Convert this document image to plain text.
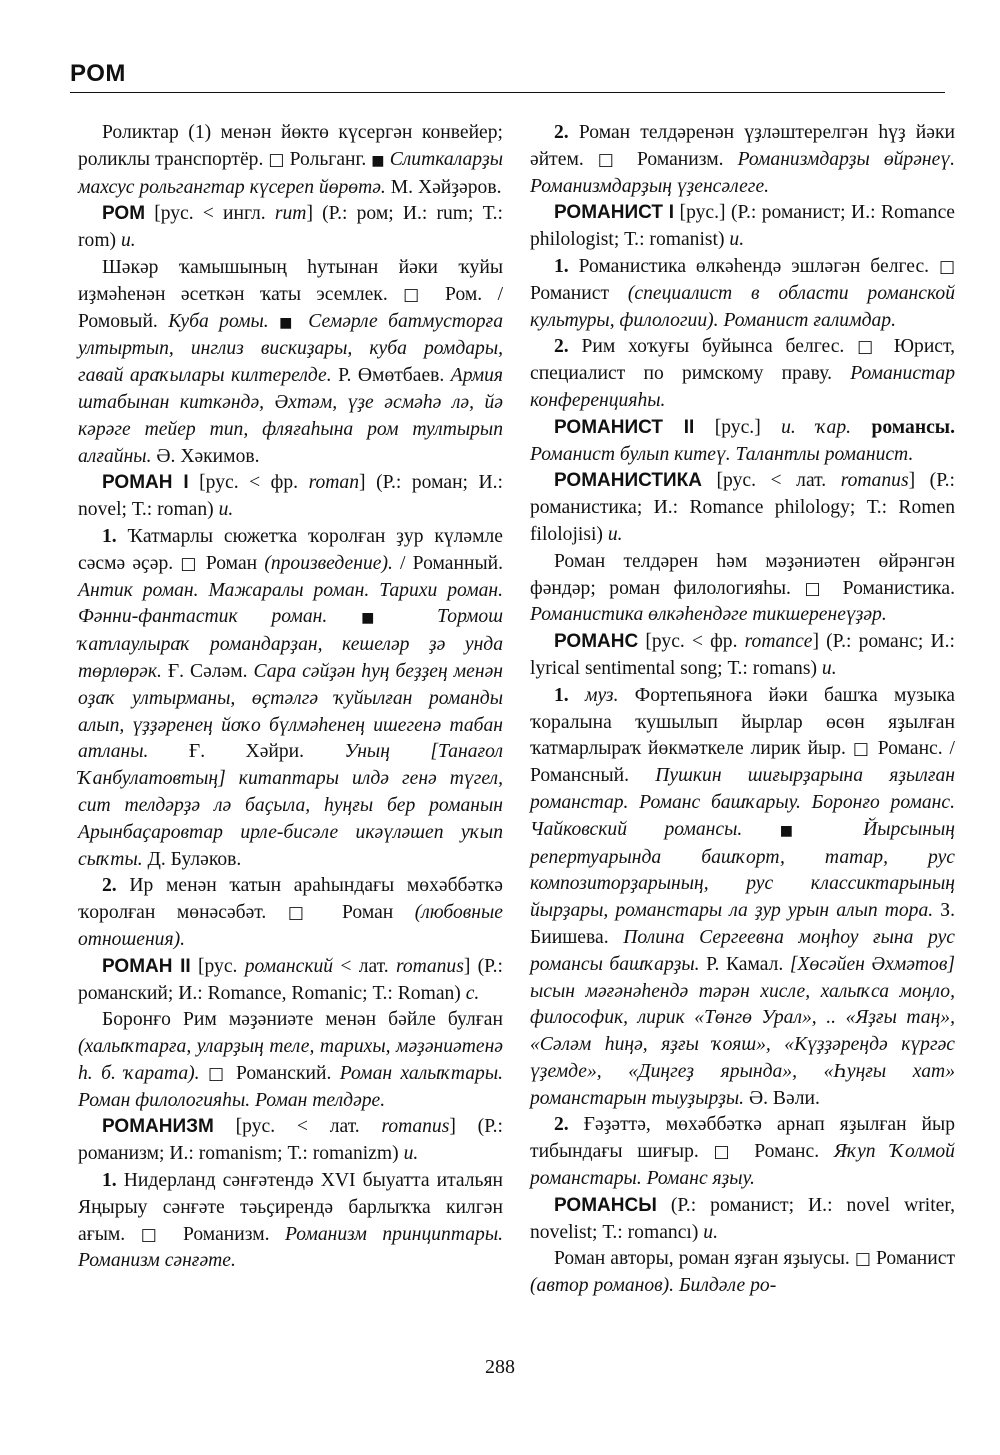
РОМ

Роликтар (1) менән йөктө күсергән конвейер; роликлы транспортёр. □ Рольганг. ■ Слиткаларҙы махсус рольгангтар күсереп йөрөтә. М. Хәйҙәров.

РОМ [рус. < ингл. rum] (Р.: ром; И.: rum; Т.: rom) и.

Шәкәр ҡамышының һутынан йәки ҡуйы иҙмәһенән әсеткән ҡаты эсемлек. □ Ром. / Ромовый. Куба ромы. ■ Семәрле батмусторға ултыртып, инглиз вискиҙары, куба ромдары, гавай араҡылары килтерелде. Р. Өмөтбаев. Армия штабынан киткәндә, Әхтәм, үҙе әсмәһә лә, йә кәрәге тейер тип, фляғаһына ром тултырып алғайны. Ә. Хәкимов.

РОМАН I [рус. < фр. roman] (Р.: роман; И.: novel; Т.: roman) и.

1. Ҡатмарлы сюжетҡа ҡоролған ҙур күләмле сәсмә әҫәр. □ Роман (произведение). / Романный. Антик роман. Мажаралы роман. Тарихи роман. Фәнни-фантастик роман. ■ Тормош ҡатлаулыраҡ романдарҙан, кешеләр ҙә унда төрлөрәк. Ғ. Сәләм. Сара сәйҙән һуң беҙҙең менән оҙаҡ ултырманы, өҫтәлгә ҡуйылған романды алып, үҙҙәренең йоҡо бүлмәһенең ишегенә табан атланы. Ғ. Хәйри. Уның [Танағол Ҡанбулатовтың] китаптары илдә генә түгел, сит телдәрҙә лә баҫыла, һуңғы бер романын Арынбаҫаровтар ирле-бисәле икәүләшеп уҡып сыҡты. Д. Буләков.

2. Ир менән ҡатын араһындағы мөхәббәткә ҡоролған мөнәсәбәт. □ Роман (любовные отношения).

РОМАН II [рус. романский < лат. romanus] (Р.: романский; И.: Romance, Romanic; Т.: Roman) с.

Боронғо Рим мәҙәниәте менән бәйле булған (халыҡтарға, уларҙың теле, тарихы, мәҙәниәтенә һ. б. ҡарата). □ Романский. Роман халыҡтары. Роман филологияһы. Роман телдәре.

РОМАНИЗМ [рус. < лат. romanus] (Р.: романизм; И.: romanism; Т.: romanizm) и.

1. Нидерланд сәнғәтендә XVI быуатта итальян Яңырыу сәнғәте тәьҫирендә барлыҡҡа килгән ағым. □ Романизм. Романизм принциптары. Романизм сәнғәте.

2. Роман телдәренән үҙләштерелгән һүҙ йәки әйтем. □ Романизм. Романизмдарҙы өйрәнеү. Романизмдарҙың үҙенсәлеге.

РОМАНИСТ I [рус.] (Р.: романист; И.: Romance philologist; Т.: romanist) и.

1. Романистика өлкәһендә эшләгән белгес. □ Романист (специалист в области романской культуры, филологии). Романист ғалимдар.

2. Рим хоҡуғы буйынса белгес. □ Юрист, специалист по римскому праву. Романистар конференцияһы.

РОМАНИСТ II [рус.] и. ҡар. романсы. Романист булып китеү. Талантлы романист.

РОМАНИСТИКА [рус. < лат. romanus] (Р.: романистика; И.: Romance philology; Т.: Romen filolojisi) и.

Роман телдәрен һәм мәҙәниәтен өйрәнгән фәндәр; роман филологияһы. □ Романистика. Романистика өлкәһендәге тикшеренеүҙәр.

РОМАНС [рус. < фр. romance] (Р.: романс; И.: lyrical sentimental song; Т.: romans) и.

1. муз. Фортепьяноға йәки башҡа музыка ҡоралына ҡушылып йырлар өсөн яҙылған ҡатмарлыраҡ йөкмәткеле лирик йыр. □ Романс. / Романсный. Пушкин шиғырҙарына яҙылған романстар. Романс башҡарыу. Боронғо романс. Чайковский романсы.	■ Йырсының репертуарында башҡорт, татар, рус композиторҙарының, рус классиктарының йырҙары, романстары ла ҙур урын алып тора. З. Биишева. Полина Сергеевна моңһоу ғына рус романсы башҡарҙы. Р. Камал. [Хөсәйен Әхмәтов] ысын мәғәнәһендә тәрән хисле, халыҡса моңло, философик, лирик «Төнгө Урал», .. «Яҙғы таң», «Сәләм һиңә, яҙғы ҡояш», «Күҙҙәреңдә күргәс үҙемде», «Диңгеҙ ярында», «Һуңғы хат» романстарын тыуҙырҙы. Ә. Вәли.

2. Ғәҙәттә, мөхәббәткә арнап яҙылған йыр тибындағы шиғыр. □ Романс. Яҡуп Ҡолмой романстары. Романс яҙыу.

РОМАНСЫ (Р.: романист; И.: novel writer, novelist; Т.: romancı) и.

Роман авторы, роман яҙған яҙыусы. □ Романист (автор романов). Билдәле ро-

288
